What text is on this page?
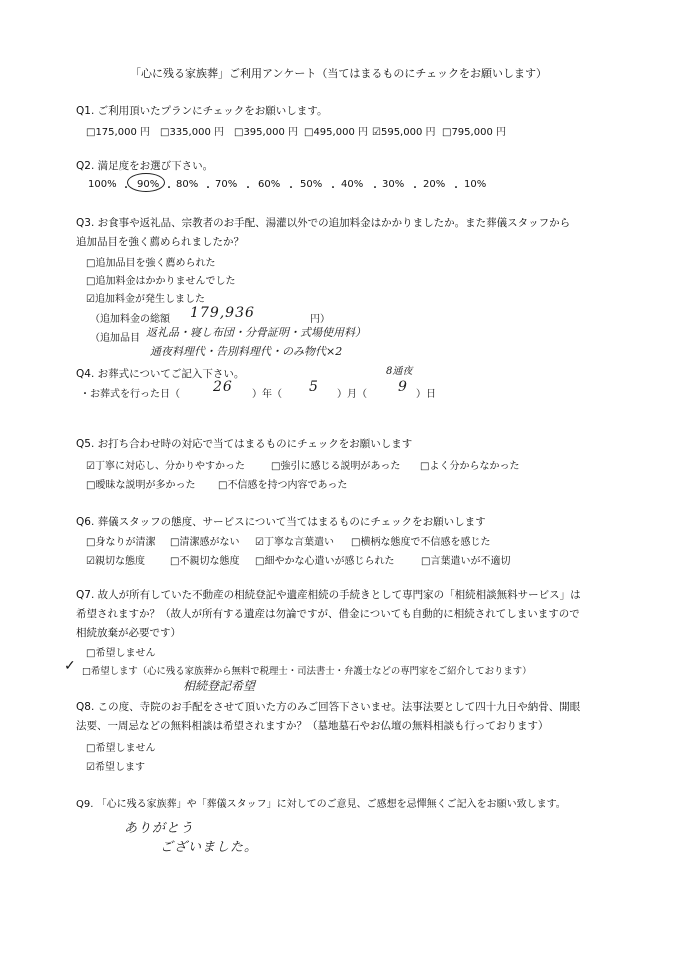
「心に残る家族葬」ご利用アンケート（当てはまるものにチェックをお願いします）
Q1. ご利用頂いたプランにチェックをお願いします。
□175,000 円 □335,000 円 □395,000 円 □495,000 円 ☑595,000 円 □795,000 円
Q2. 満足度をお選び下さい。
100% ・ 90% ・ 80% ・ 70% ・ 60% ・ 50% ・ 40% ・ 30% ・ 20% ・ 10%
Q3. お食事や返礼品、宗教者のお手配、湯灌以外での追加料金はかかりましたか。また葬儀スタッフから
追加品目を強く薦められましたか？
□追加品目を強く薦められた
□追加料金はかかりませんでした
☑追加料金が発生しました
（追加料金の総額 179,936	円）
（追加品目 返礼品・寝し布団・分骨証明・式場使用料）
通夜料理代・告別料理代・のみ物代×2
Q4. お葬式についてご記入下さい。
・お葬式を行った日（ 26 ）年（ 5 ）月（
8通夜
9 ）日
Q5. お打ち合わせ時の対応で当てはまるものにチェックをお願いします
☑丁寧に対応し、分かりやすかった	□強引に感じる説明があった □よく分からなかった
□曖昧な説明が多かった □不信感を持つ内容であった
Q6. 葬儀スタッフの態度、サービスについて当てはまるものにチェックをお願いします
□身なりが清潔 □清潔感がない ☑丁寧な言葉遣い □横柄な態度で不信感を感じた
☑親切な態度	□不親切な態度 □細やかな心遣いが感じられた	□言葉遣いが不適切
Q7. 故人が所有していた不動産の相続登記や遺産相続の手続きとして専門家の「相続相談無料サービス」は
希望されますか？（故人が所有する遺産は勿論ですが、借金についても自動的に相続されてしまいますので
相続放棄が必要です）
□希望しません
✓ □希望します（心に残る家族葬から無料で税理士・司法書士・弁護士などの専門家をご紹介しております）
相続登記希望
Q8. この度、寺院のお手配をさせて頂いた方のみご回答下さいませ。法事法要として四十九日や納骨、開眼
法要、一周忌などの無料相談は希望されますか？（墓地墓石やお仏壇の無料相談も行っております）
□希望しません
☑希望します
Q9. 「心に残る家族葬」や「葬儀スタッフ」に対してのご意見、ご感想を忌憚無くご記入をお願い致します。
ありがとう
ございました。
